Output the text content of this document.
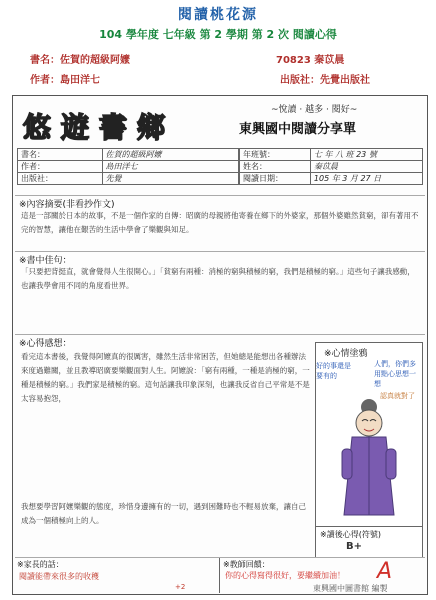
閱讀桃花源
104 學年度 七年級 第 2 學期 第 2 次 閱讀心得
書名：佐賀的超級阿嬤
作者：島田洋七
70823 秦苡晨
出版社：先覺出版社
悠遊書鄉
~悅讀 · 越多 · 閱好~
東興國中閱讀分享單
書名：	佐賀的超級阿嬤
作者：	島田洋七
出版社：	先覺
年班號：	七 年 八 班 23 號
姓名：	秦苡晨
閱讀日期：	105 年 3 月 27 日
※內容摘要(非看抄作文)
這是一部關於日本的故事，不是一個作家的自傳：昭廣的母親將他寄養在鄉下的外婆家，那個外婆雖然貧窮，卻有著用不完的智慧，讓他在艱苦的生活中學會了樂觀與知足。
※書中佳句：
「只要把背挺直，就會覺得人生很開心。」「貧窮有兩種：消極的窮與積極的窮，我們是積極的窮。」這些句子讓我感動，也讓我學會用不同的角度看世界。
※心得感想：
看完這本書後，我覺得阿嬤真的很厲害，雖然生活非常困苦，但她總是能想出各種辦法來度過難關，並且教導昭廣要樂觀面對人生。阿嬤說：「窮有兩種，一種是消極的窮，一種是積極的窮。」我們家是積極的窮。這句話讓我印象深刻，也讓我反省自己平常是不是太容易抱怨，
我想要學習阿嬤樂觀的態度，珍惜身邊擁有的一切，遇到困難時也不輕易放棄，讓自己成為一個積極向上的人。
※心情塗鴉
好的事還是要有的
人們，你們多用點心思想一想
認真就對了
※讀後心得(符號)
B+
※家長的話：
閱讀能帶來很多的收穫
+2
※教師回饋：
你的心得寫得很好，要繼續加油！	A
東興國中圖書館 編製
